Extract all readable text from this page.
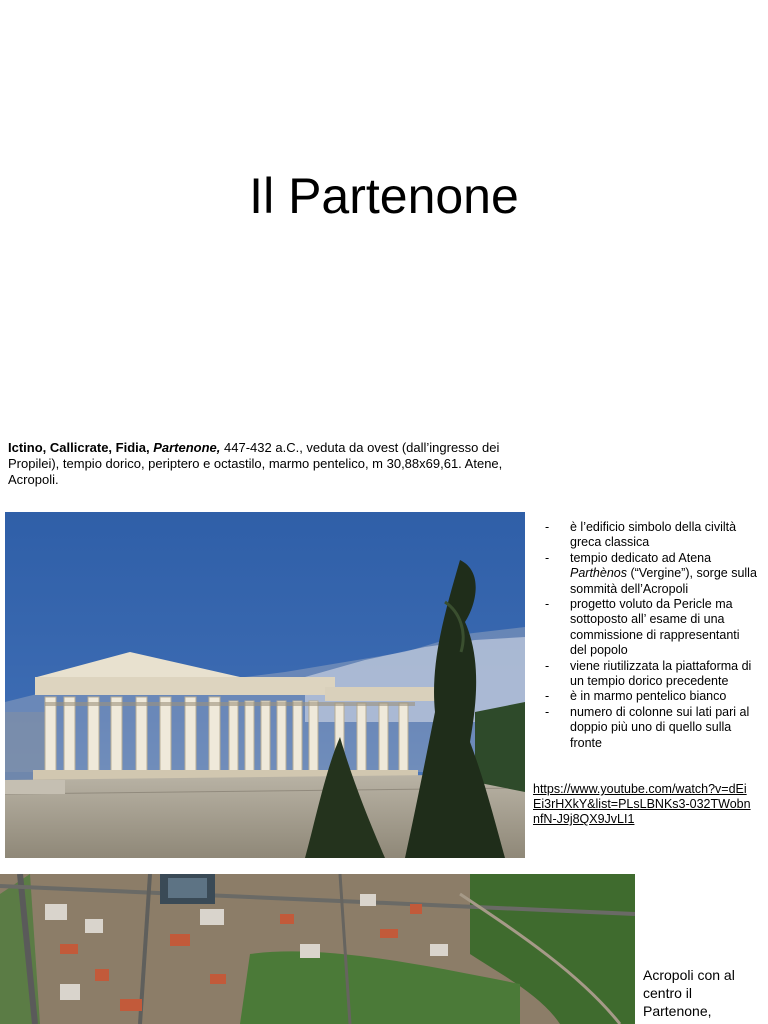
Il Partenone
Ictino, Callicrate, Fidia, Partenone, 447-432 a.C., veduta da ovest (dall’ingresso dei Propilei), tempio dorico, periptero e octastilo, marmo pentelico, m 30,88x69,61. Atene, Acropoli.
- è l’edificio simbolo della civiltà greca classica
- tempio dedicato ad Atena Parthènos (“Vergine”), sorge sulla sommità dell’Acropoli
- progetto voluto da Pericle ma sottoposto all’ esame di una commissione di rappresentanti del popolo
- viene riutilizzata la piattaforma di un tempio dorico precedente
- è in marmo pentelico bianco
- numero di colonne sui lati pari al doppio più uno di quello sulla fronte
https://www.youtube.com/watch?v=dEiEi3rHXkY&list=PLsLBNKs3-032TWobnnfN-J9j8QX9JvLI1
Acropoli con al centro il Partenone,
